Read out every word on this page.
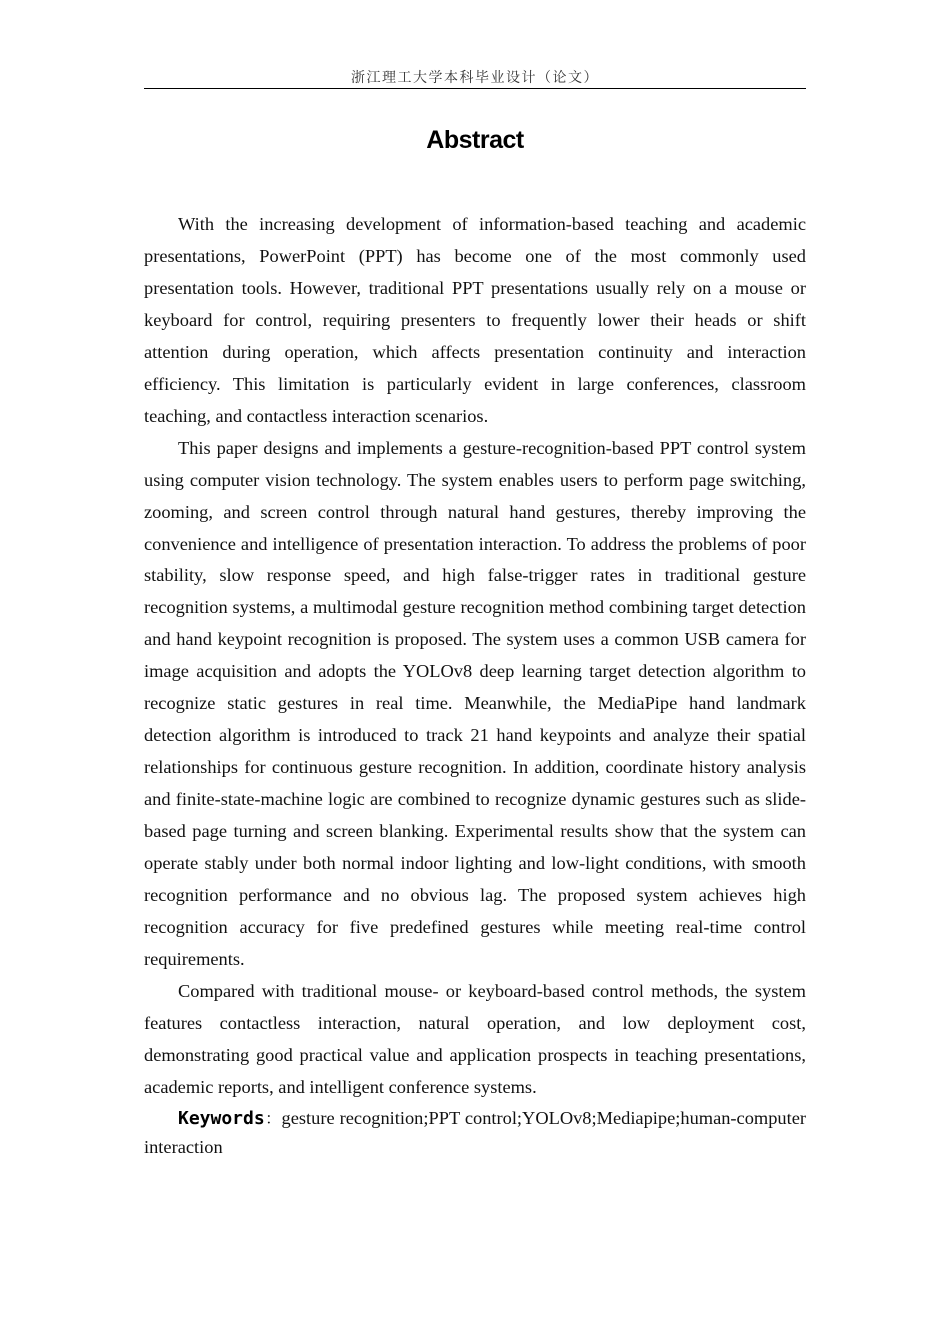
浙江理工大学本科毕业设计（论文）
Abstract

With the increasing development of information-based teaching and academic presentations, PowerPoint (PPT) has become one of the most commonly used presentation tools. However, traditional PPT presentations usually rely on a mouse or keyboard for control, requiring presenters to frequently lower their heads or shift attention during operation, which affects presentation continuity and interaction efficiency. This limitation is particularly evident in large conferences, classroom teaching, and contactless interaction scenarios.

This paper designs and implements a gesture-recognition-based PPT control system using computer vision technology. The system enables users to perform page switching, zooming, and screen control through natural hand gestures, thereby improving the convenience and intelligence of presentation interaction. To address the problems of poor stability, slow response speed, and high false-trigger rates in traditional gesture recognition systems, a multimodal gesture recognition method combining target detection and hand keypoint recognition is proposed. The system uses a common USB camera for image acquisition and adopts the YOLOv8 deep learning target detection algorithm to recognize static gestures in real time. Meanwhile, the MediaPipe hand landmark detection algorithm is introduced to track 21 hand keypoints and analyze their spatial relationships for continuous gesture recognition. In addition, coordinate history analysis and finite-state-machine logic are combined to recognize dynamic gestures such as slide-based page turning and screen blanking. Experimental results show that the system can operate stably under both normal indoor lighting and low-light conditions, with smooth recognition performance and no obvious lag. The proposed system achieves high recognition accuracy for five predefined gestures while meeting real-time control requirements.

Compared with traditional mouse- or keyboard-based control methods, the system features contactless interaction, natural operation, and low deployment cost, demonstrating good practical value and application prospects in teaching presentations, academic reports, and intelligent conference systems.

Keywords：gesture recognition;PPT control;YOLOv8;Mediapipe;human-computer interaction
